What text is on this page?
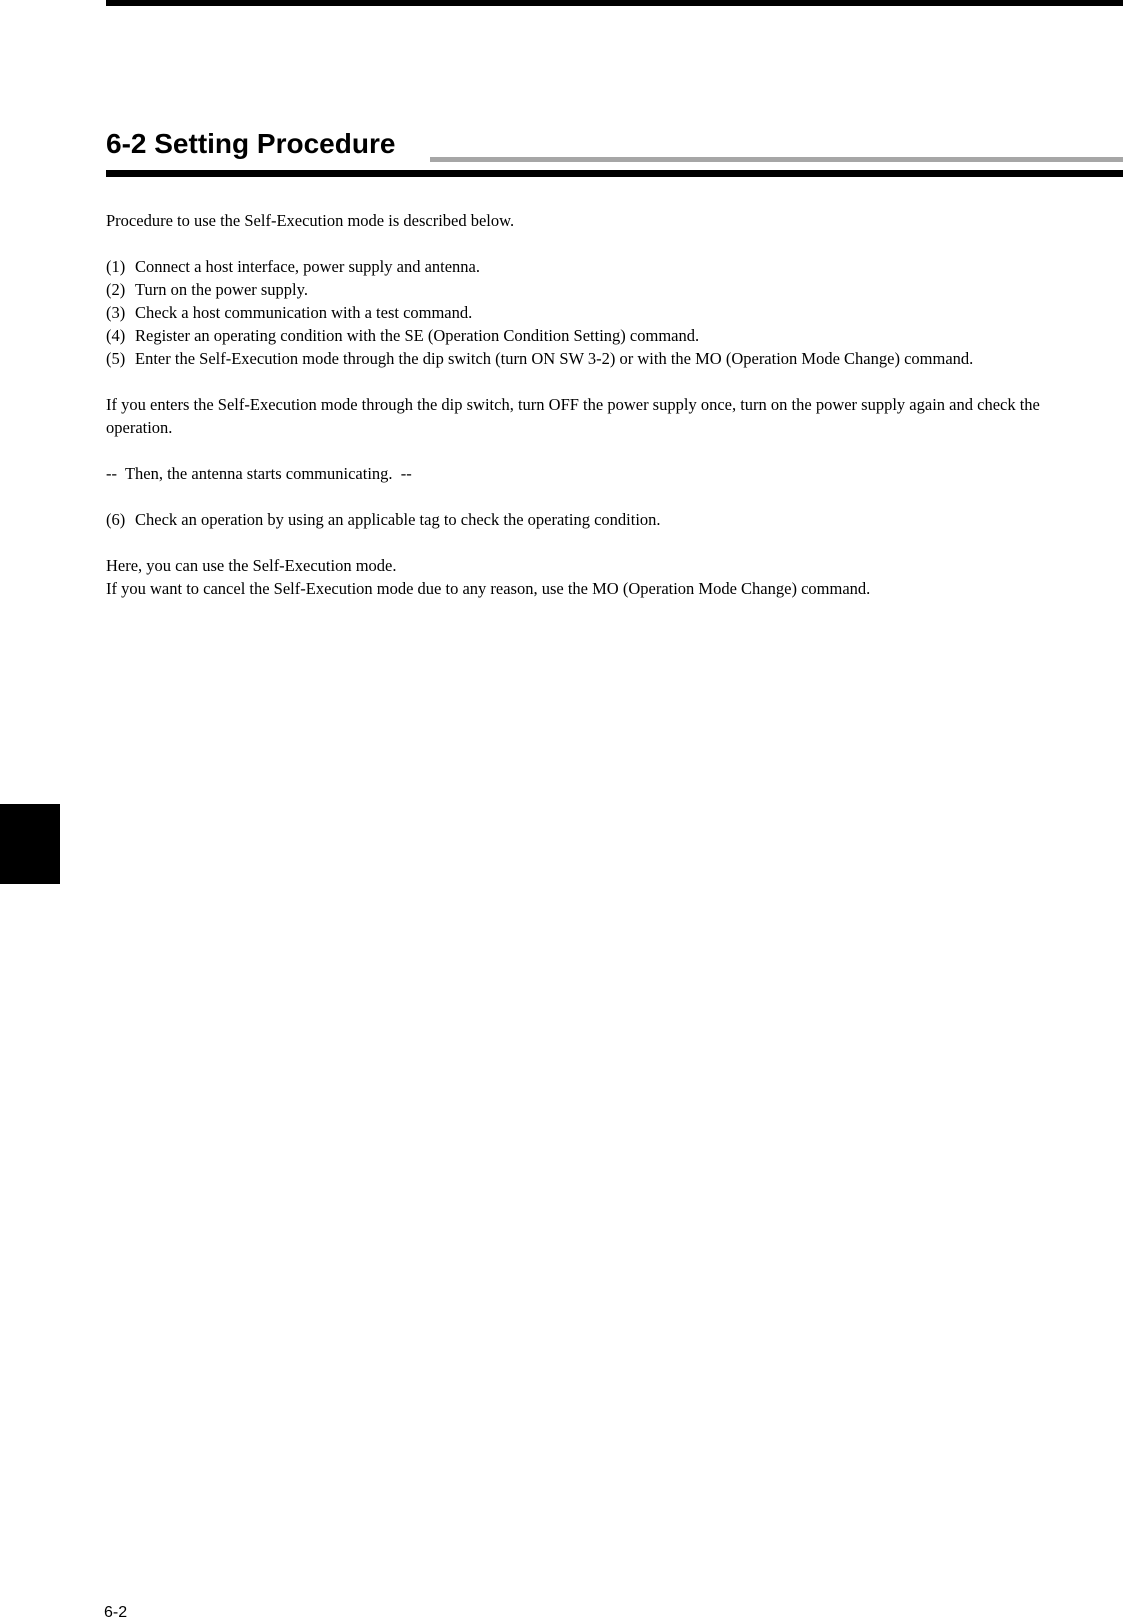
6-2 Setting Procedure

Procedure to use the Self-Execution mode is described below.

(1) Connect a host interface, power supply and antenna.
(2) Turn on the power supply.
(3) Check a host communication with a test command.
(4) Register an operating condition with the SE (Operation Condition Setting) command.
(5) Enter the Self-Execution mode through the dip switch (turn ON SW 3-2) or with the MO (Operation Mode Change) command.

If you enters the Self-Execution mode through the dip switch, turn OFF the power supply once, turn on the power supply again and check the operation.

--  Then, the antenna starts communicating.  --

(6) Check an operation by using an applicable tag to check the operating condition.

Here, you can use the Self-Execution mode.

If you want to cancel the Self-Execution mode due to any reason, use the MO (Operation Mode Change) command.

6-2
